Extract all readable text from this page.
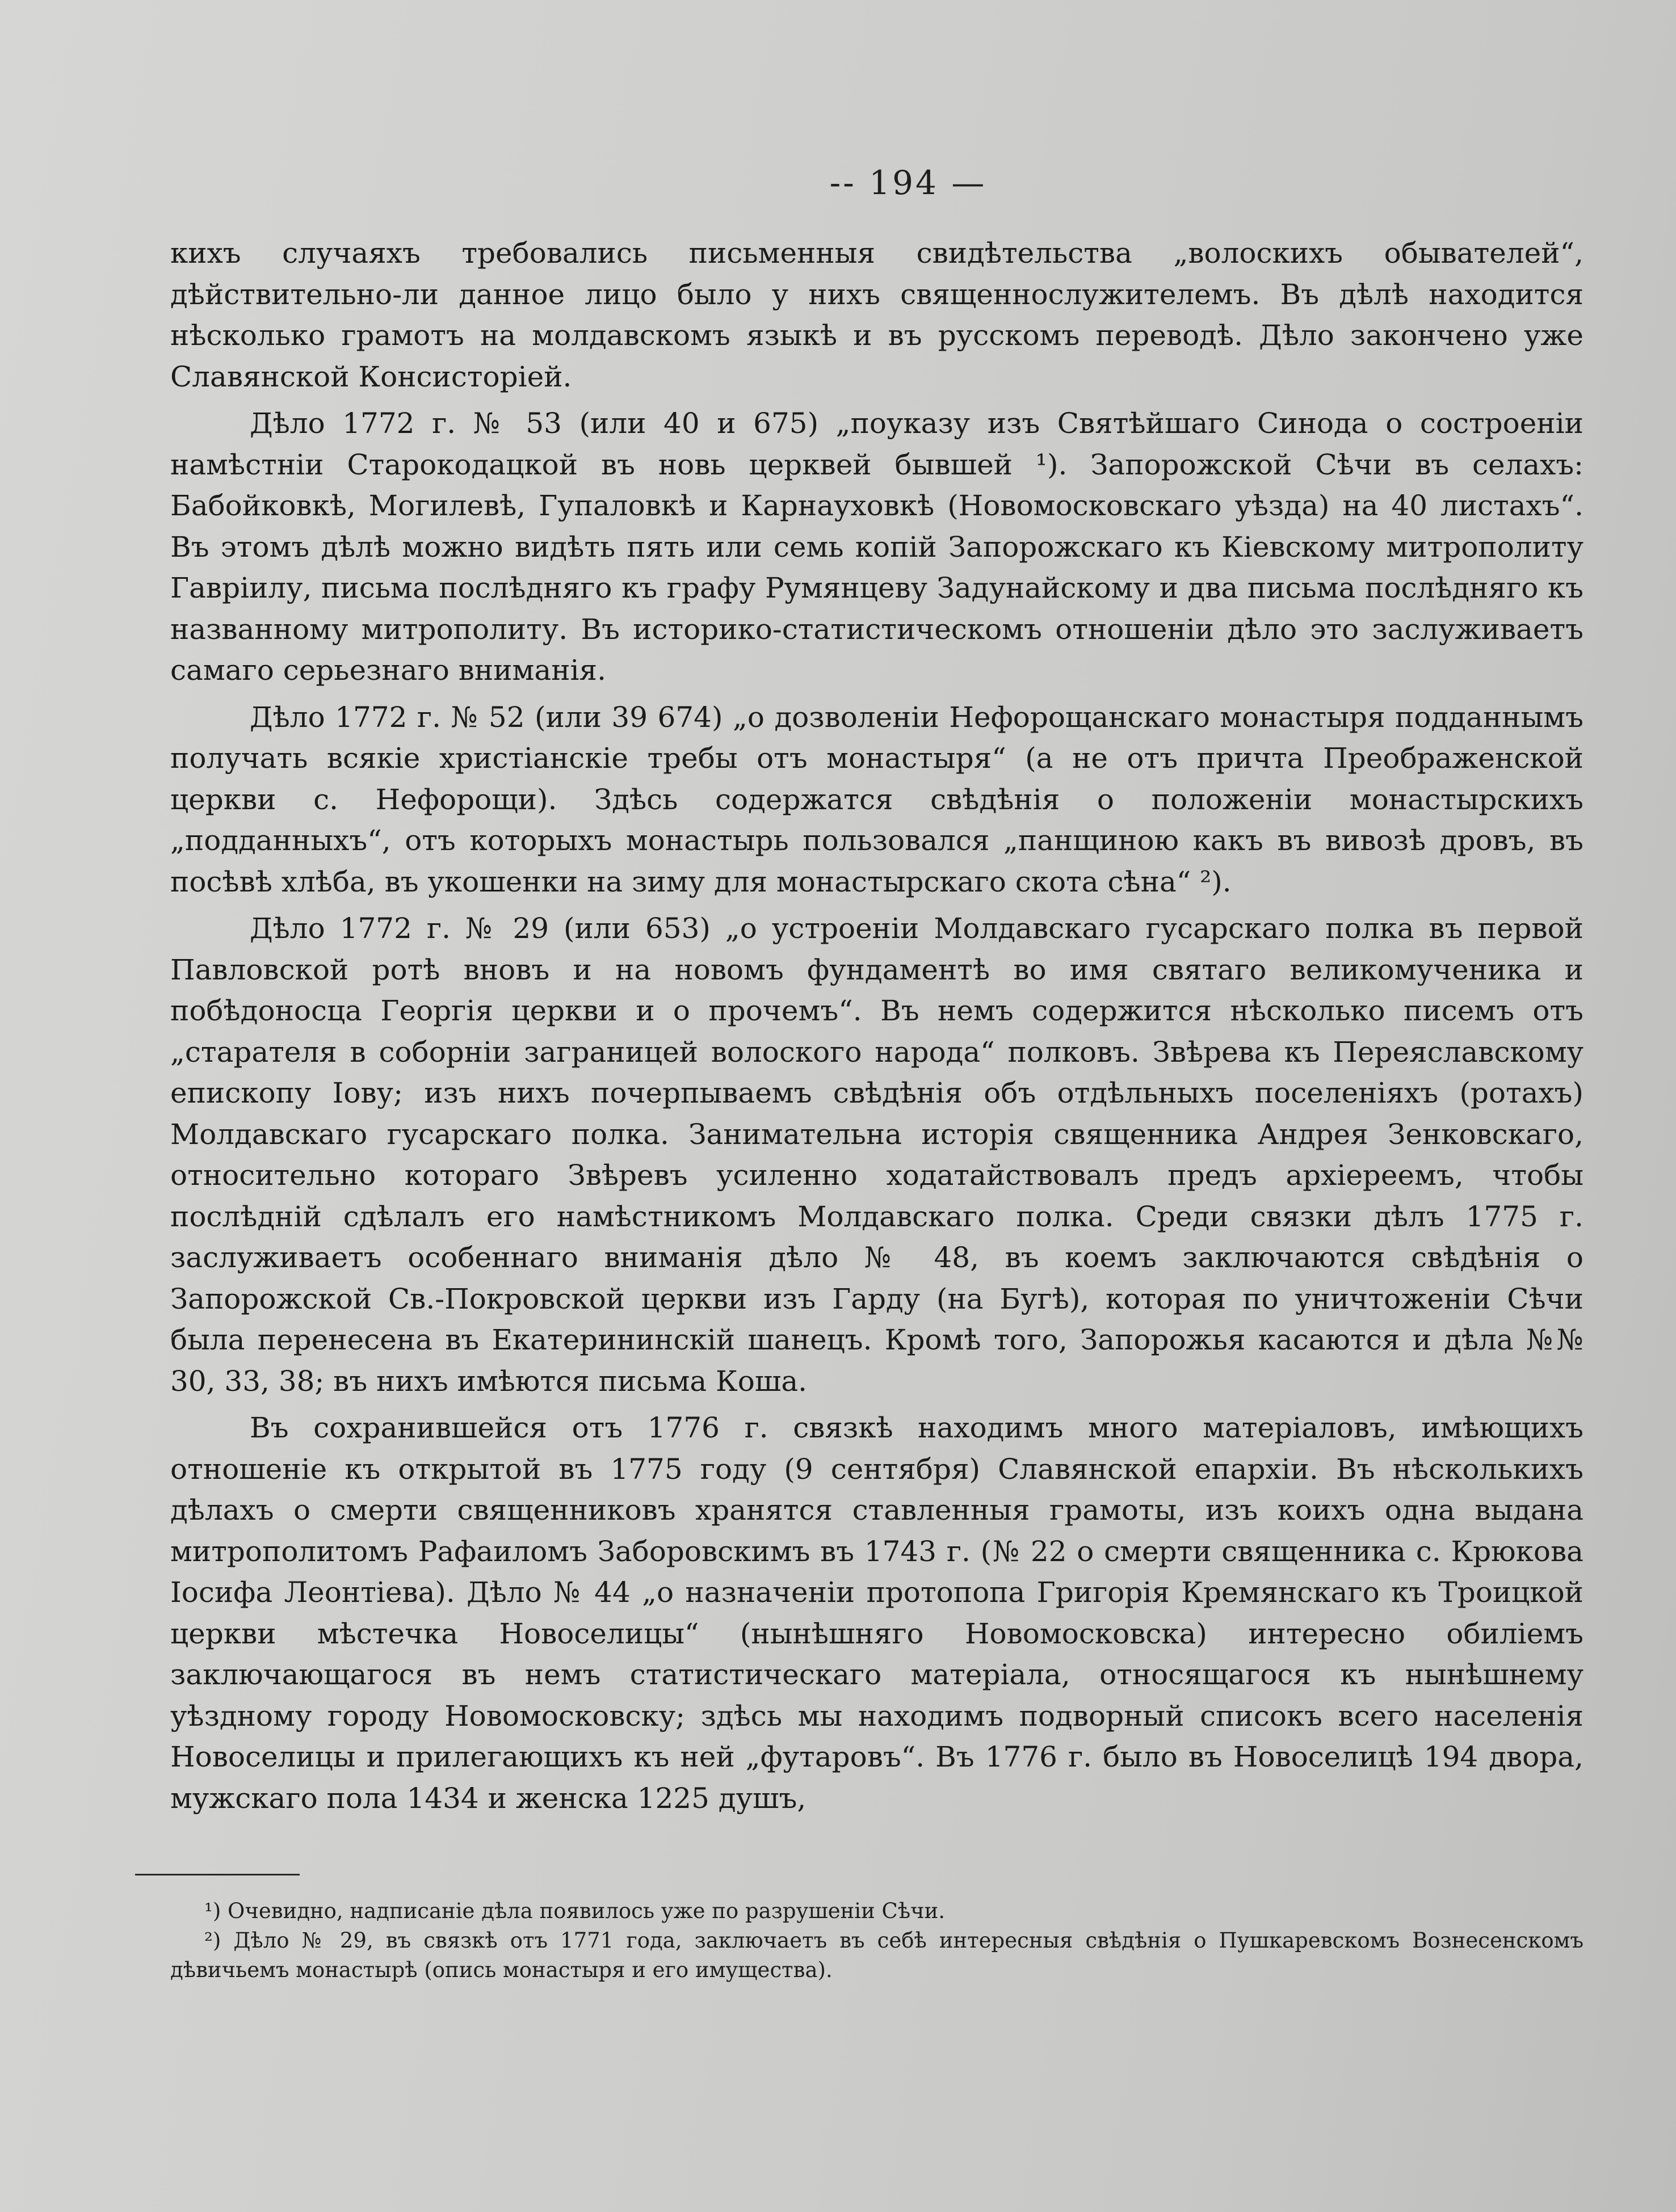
-- 194 —

кихъ случаяхъ требовались письменныя свидѣтельства „волоскихъ обывателей“, дѣйствительно-ли данное лицо было у нихъ священнослужителемъ. Въ дѣлѣ находится нѣсколько грамотъ на молдавскомъ языкѣ и въ русскомъ переводѣ. Дѣло закончено уже Славянской Консисторіей.

Дѣло 1772 г. № 53 (или 40 и 675) „поуказу изъ Святѣйшаго Синода о состроеніи намѣстніи Старокодацкой въ новь церквей бывшей ¹). Запорожской Сѣчи въ селахъ: Бабойковкѣ, Могилевѣ, Гупаловкѣ и Карнауховкѣ (Новомосковскаго уѣзда) на 40 листахъ“. Въ этомъ дѣлѣ можно видѣть пять или семь копій Запорожскаго къ Кіевскому митрополиту Гавріилу, письма послѣдняго къ графу Румянцеву Задунайскому и два письма послѣдняго къ названному митрополиту. Въ историко-статистическомъ отношеніи дѣло это заслуживаетъ самаго серьезнаго вниманія.

Дѣло 1772 г. № 52 (или 39 674) „о дозволеніи Нефорощанскаго монастыря подданнымъ получать всякіе христіанскіе требы отъ монастыря“ (а не отъ причта Преображенской церкви с. Нефорощи). Здѣсь содержатся свѣдѣнія о положеніи монастырскихъ „подданныхъ“, отъ которыхъ монастырь пользовался „панщиною какъ въ вивозѣ дровъ, въ посѣвѣ хлѣба, въ укошенки на зиму для монастырскаго скота сѣна“ ²).

Дѣло 1772 г. № 29 (или 653) „о устроеніи Молдавскаго гусарскаго полка въ первой Павловской ротѣ вновъ и на новомъ фундаментѣ во имя святаго великомученика и побѣдоносца Георгія церкви и о прочемъ“. Въ немъ содержится нѣсколько писемъ отъ „старателя в соборніи заграницей волоского народа“ полковъ. Звѣрева къ Переяславскому епископу Іову; изъ нихъ почерпываемъ свѣдѣнія объ отдѣльныхъ поселеніяхъ (ротахъ) Молдавскаго гусарскаго полка. Занимательна исторія священника Андрея Зенковскаго, относительно котораго Звѣревъ усиленно ходатайствовалъ предъ архіереемъ, чтобы послѣдній сдѣлалъ его намѣстникомъ Молдавскаго полка. Среди связки дѣлъ 1775 г. заслуживаетъ особеннаго вниманія дѣло № 48, въ коемъ заключаются свѣдѣнія о Запорожской Св.-Покровской церкви изъ Гарду (на Бугѣ), которая по уничтоженіи Сѣчи была перенесена въ Екатерининскій шанецъ. Кромѣ того, Запорожья касаются и дѣла №№ 30, 33, 38; въ нихъ имѣются письма Коша.

Въ сохранившейся отъ 1776 г. связкѣ находимъ много матеріаловъ, имѣющихъ отношеніе къ открытой въ 1775 году (9 сентября) Славянской епархіи. Въ нѣсколькихъ дѣлахъ о смерти священниковъ хранятся ставленныя грамоты, изъ коихъ одна выдана митрополитомъ Рафаиломъ Заборовскимъ въ 1743 г. (№ 22 о смерти священника с. Крюкова Іосифа Леонтіева). Дѣло № 44 „о назначеніи протопопа Григорія Кремянскаго къ Троицкой церкви мѣстечка Новоселицы“ (нынѣшняго Новомосковска) интересно обиліемъ заключающагося въ немъ статистическаго матеріала, относящагося къ нынѣшнему уѣздному городу Новомосковску; здѣсь мы находимъ подворный списокъ всего населенія Новоселицы и прилегающихъ къ ней „футаровъ“. Въ 1776 г. было въ Новоселицѣ 194 двора, мужскаго пола 1434 и женска 1225 душъ,

¹) Очевидно, надписаніе дѣла появилось уже по разрушеніи Сѣчи.

²) Дѣло № 29, въ связкѣ отъ 1771 года, заключаетъ въ себѣ интересныя свѣдѣнія о Пушкаревскомъ Вознесенскомъ дѣвичьемъ монастырѣ (опись монастыря и его имущества).
